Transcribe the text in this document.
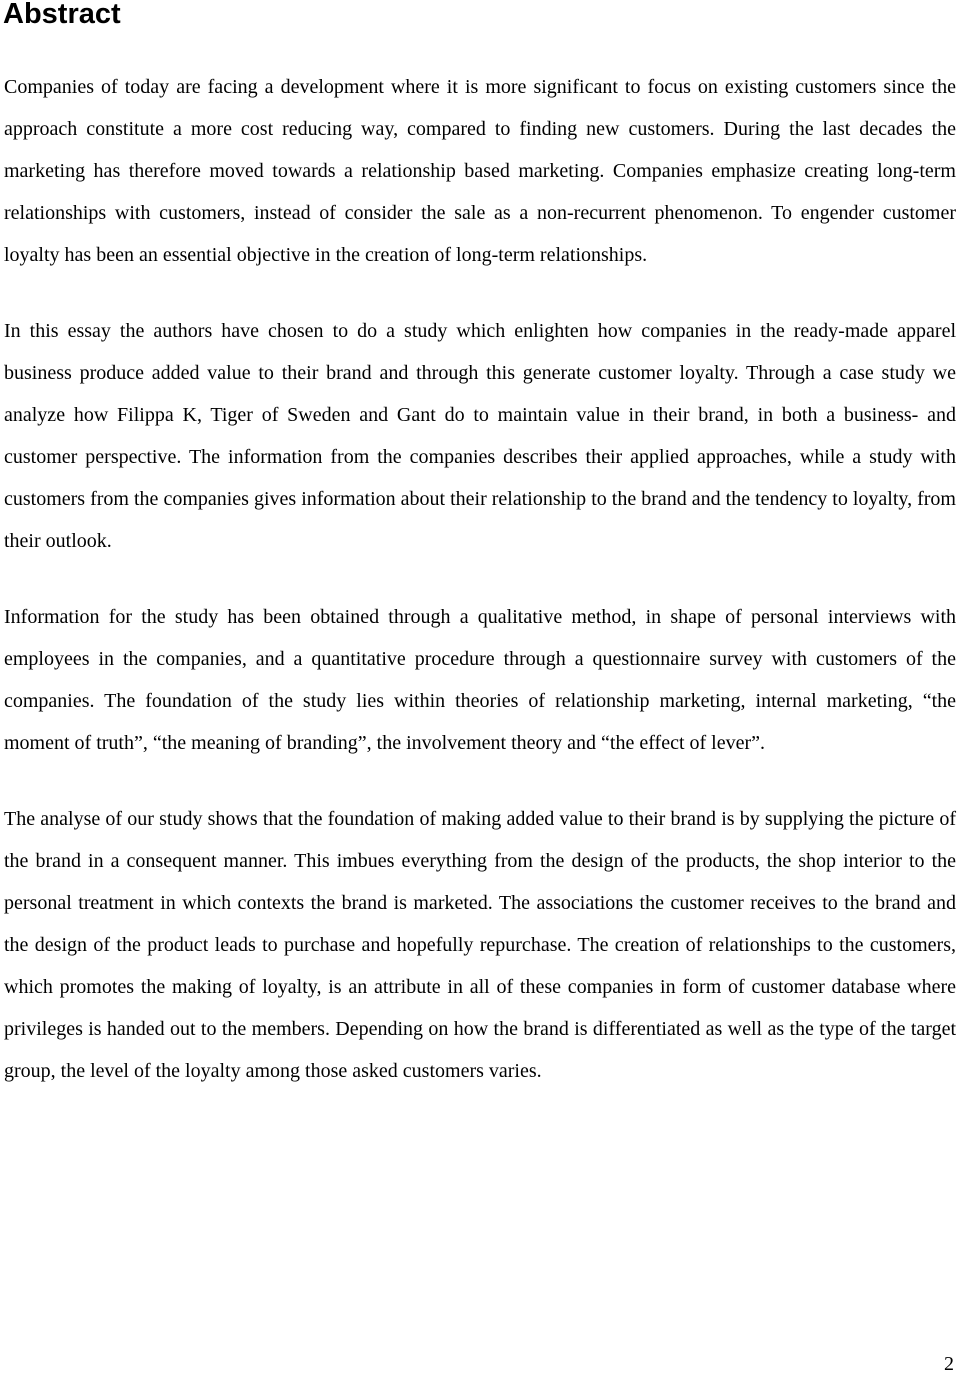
Abstract

Companies of today are facing a development where it is more significant to focus on existing customers since the approach constitute a more cost reducing way, compared to finding new customers. During the last decades the marketing has therefore moved towards a relationship based marketing. Companies emphasize creating long-term relationships with customers, instead of consider the sale as a non-recurrent phenomenon. To engender customer loyalty has been an essential objective in the creation of long-term relationships.

In this essay the authors have chosen to do a study which enlighten how companies in the ready-made apparel business produce added value to their brand and through this generate customer loyalty. Through a case study we analyze how Filippa K, Tiger of Sweden and Gant do to maintain value in their brand, in both a business- and customer perspective. The information from the companies describes their applied approaches, while a study with customers from the companies gives information about their relationship to the brand and the tendency to loyalty, from their outlook.

Information for the study has been obtained through a qualitative method, in shape of personal interviews with employees in the companies, and a quantitative procedure through a questionnaire survey with customers of the companies. The foundation of the study lies within theories of relationship marketing, internal marketing, “the moment of truth”, “the meaning of branding”, the involvement theory and “the effect of lever”.

The analyse of our study shows that the foundation of making added value to their brand is by supplying the picture of the brand in a consequent manner. This imbues everything from the design of the products, the shop interior to the personal treatment in which contexts the brand is marketed. The associations the customer receives to the brand and the design of the product leads to purchase and hopefully repurchase. The creation of relationships to the customers, which promotes the making of loyalty, is an attribute in all of these companies in form of customer database where privileges is handed out to the members. Depending on how the brand is differentiated as well as the type of the target group, the level of the loyalty among those asked customers varies.

2
